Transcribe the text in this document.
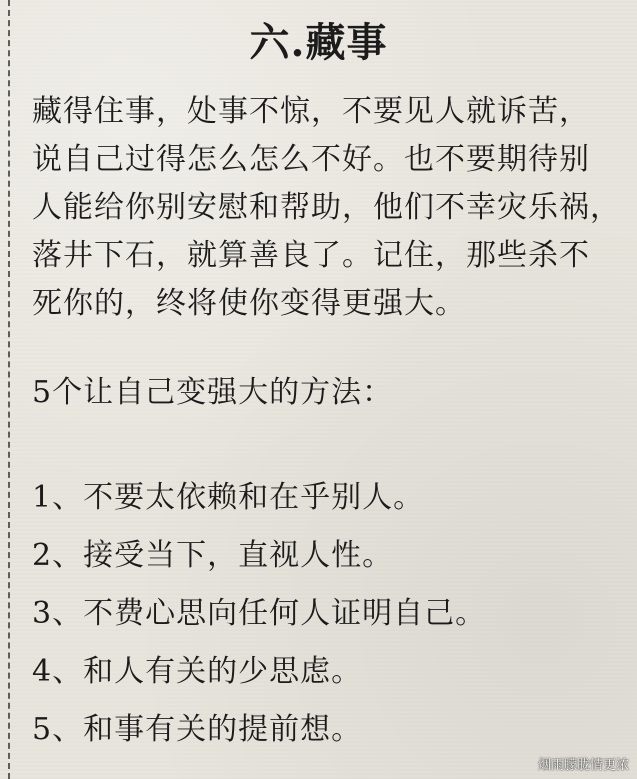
六.藏事
藏得住事，处事不惊，不要见人就诉苦，
说自己过得怎么怎么不好。也不要期待别
人能给你别安慰和帮助，他们不幸灾乐祸，
落井下石，就算善良了。记住，那些杀不
死你的，终将使你变得更强大。
5个让自己变强大的方法：
1、不要太依赖和在乎别人。
2、接受当下，直视人性。
3、不费心思向任何人证明自己。
4、和人有关的少思虑。
5、和事有关的提前想。
烟雨朦胧情更浓
